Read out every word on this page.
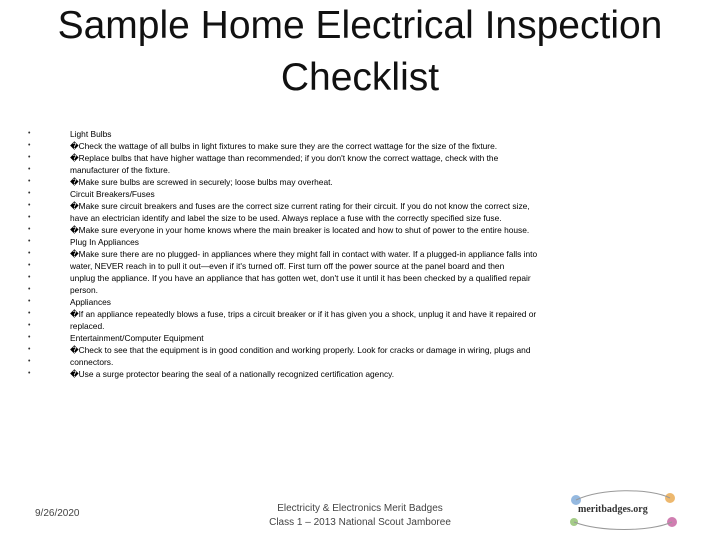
Sample Home Electrical Inspection
Checklist
•
•
•
•
•
•
•
•
•
•
•
•
•
•
•
•
•
•
•
•
•
Light Bulbs
�Check the wattage of all bulbs in light fixtures to make sure they are the correct wattage for the size of the fixture.
�Replace bulbs that have higher wattage than recommended; if you don't know the correct wattage, check with the
manufacturer of the fixture.
�Make sure bulbs are screwed in securely; loose bulbs may overheat.
Circuit Breakers/Fuses
�Make sure circuit breakers and fuses are the correct size current rating for their circuit. If you do not know the correct size,
have an electrician identify and label the size to be used. Always replace a fuse with the correctly specified size fuse.
�Make sure everyone in your home knows where the main breaker is located and how to shut of power to the entire house.
Plug In Appliances
�Make sure there are no plugged- in appliances where they might fall in contact with water. If a plugged-in appliance falls into
water, NEVER reach in to pull it out—even if it's turned off. First turn off the power source at the panel board and then
unplug the appliance. If you have an appliance that has gotten wet, don't use it until it has been checked by a qualified repair
person.
Appliances
�If an appliance repeatedly blows a fuse, trips a circuit breaker or if it has given you a shock, unplug it and have it repaired or
replaced.
Entertainment/Computer Equipment
�Check to see that the equipment is in good condition and working properly. Look for cracks or damage in wiring, plugs and
connectors.
�Use a surge protector bearing the seal of a nationally recognized certification agency.
9/26/2020	Electricity & Electronics Merit Badges
Class 1 – 2013 National Scout Jamboree
meritbadges.org
